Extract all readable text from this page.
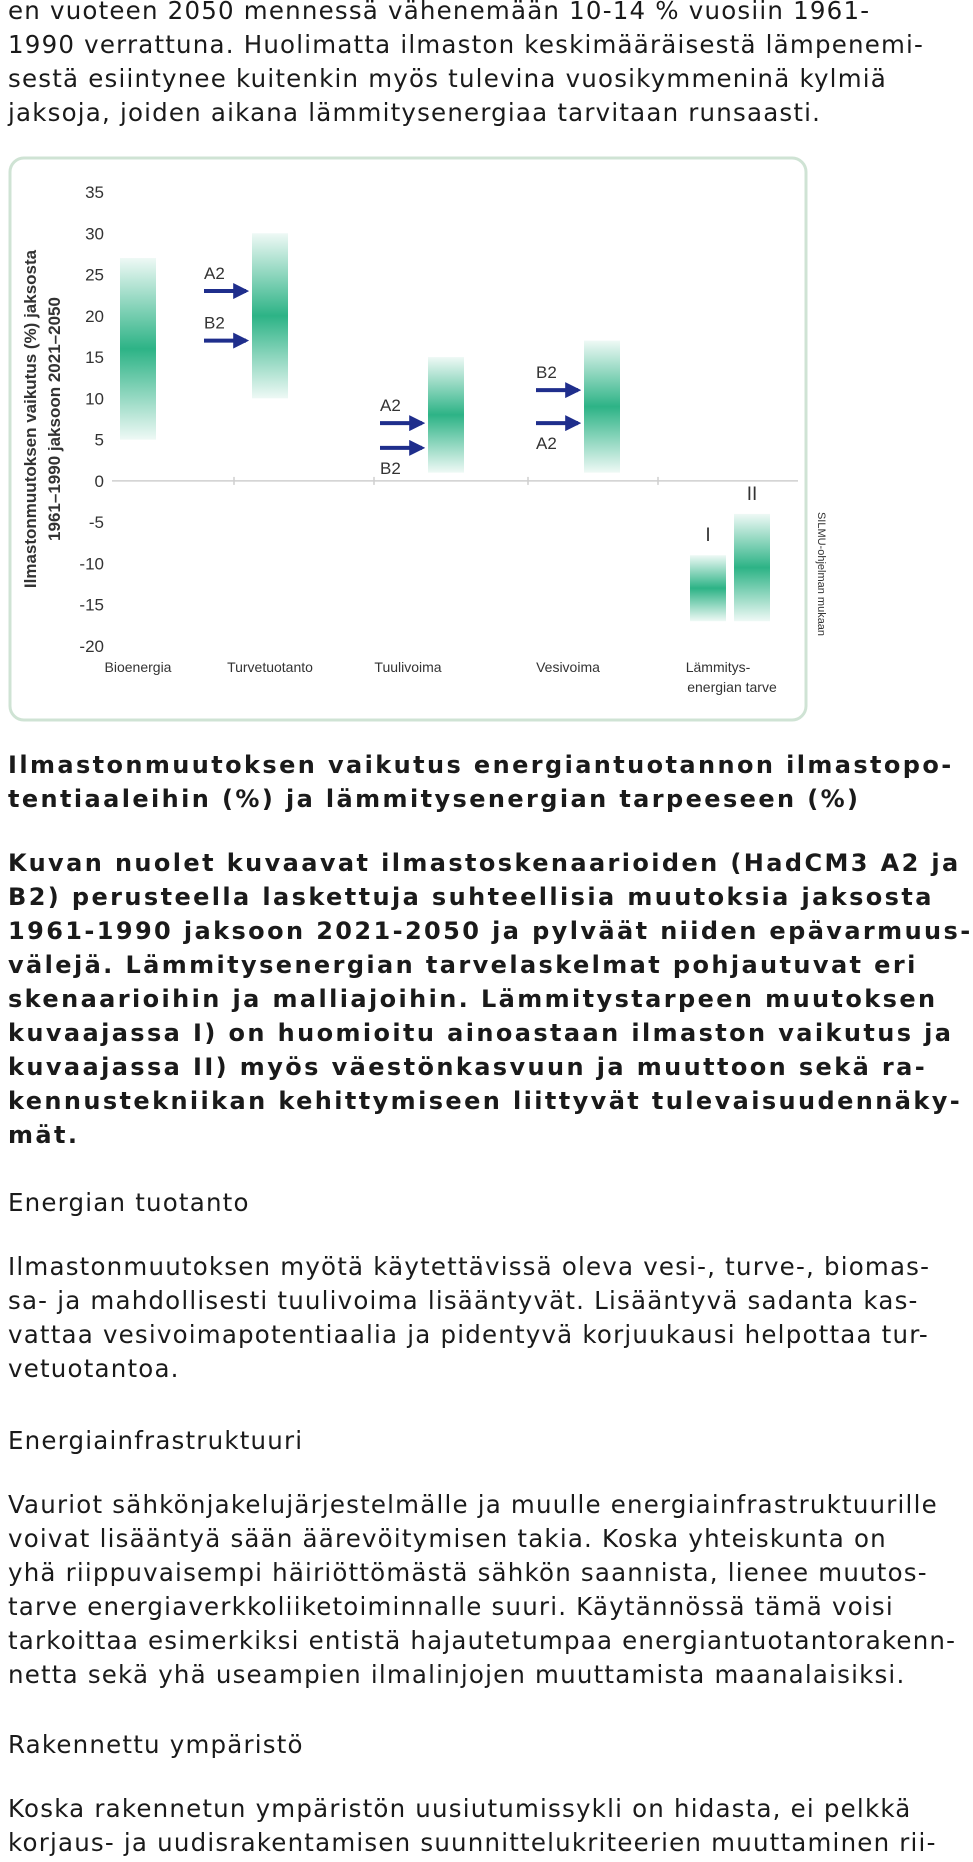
en vuoteen 2050 mennessä vähenemään 10-14 % vuosiin 1961-
1990 verrattuna. Huolimatta ilmaston keskimääräisestä lämpenemi-
sestä esiintynee kuitenkin myös tulevina vuosikymmeninä kylmiä
jaksoja, joiden aikana lämmitysenergiaa tarvitaan runsaasti.
Ilmastonmuutoksen vaikutus (%) jaksosta 1961–1990 jaksoon 2021–2050
35
30
25
20
15
10
5
0
-5
-10
-15
-20
Bioenergia
A2
B2
Turvetuotanto
A2
B2
Tuulivoima
B2
A2
Vesivoima
I
II
Lämmitys-
energian tarve
SILMU-ohjelman mukaan
Ilmastonmuutoksen vaikutus energiantuotannon ilmastopo-
tentiaaleihin (%) ja lämmitysenergian tarpeeseen (%)
Kuvan nuolet kuvaavat ilmastoskenaarioiden (HadCM3 A2 ja
B2) perusteella laskettuja suhteellisia muutoksia jaksosta
1961-1990 jaksoon 2021-2050 ja pylväät niiden epävarmuus-
välejä. Lämmitysenergian tarvelaskelmat pohjautuvat eri
skenaarioihin ja malliajoihin. Lämmitystarpeen muutoksen
kuvaajassa I) on huomioitu ainoastaan ilmaston vaikutus ja
kuvaajassa II) myös väestönkasvuun ja muuttoon sekä ra-
kennustekniikan kehittymiseen liittyvät tulevaisuudennäky-
mät.
Energian tuotanto
Ilmastonmuutoksen myötä käytettävissä oleva vesi-, turve-, biomas-
sa- ja mahdollisesti tuulivoima lisääntyvät. Lisääntyvä sadanta kas-
vattaa vesivoimapotentiaalia ja pidentyvä korjuukausi helpottaa tur-
vetuotantoa.
Energiainfrastruktuuri
Vauriot sähkönjakelujärjestelmälle ja muulle energiainfrastruktuurille
voivat lisääntyä sään äärevöitymisen takia. Koska yhteiskunta on
yhä riippuvaisempi häiriöttömästä sähkön saannista, lienee muutos-
tarve energiaverkkoliiketoiminnalle suuri. Käytännössä tämä voisi
tarkoittaa esimerkiksi entistä hajautetumpaa energiantuotantorakenn-
netta sekä yhä useampien ilmalinjojen muuttamista maanalaisiksi.
Rakennettu ympäristö
Koska rakennetun ympäristön uusiutumissykli on hidasta, ei pelkkä
korjaus- ja uudisrakentamisen suunnittelukriteerien muuttaminen rii-
